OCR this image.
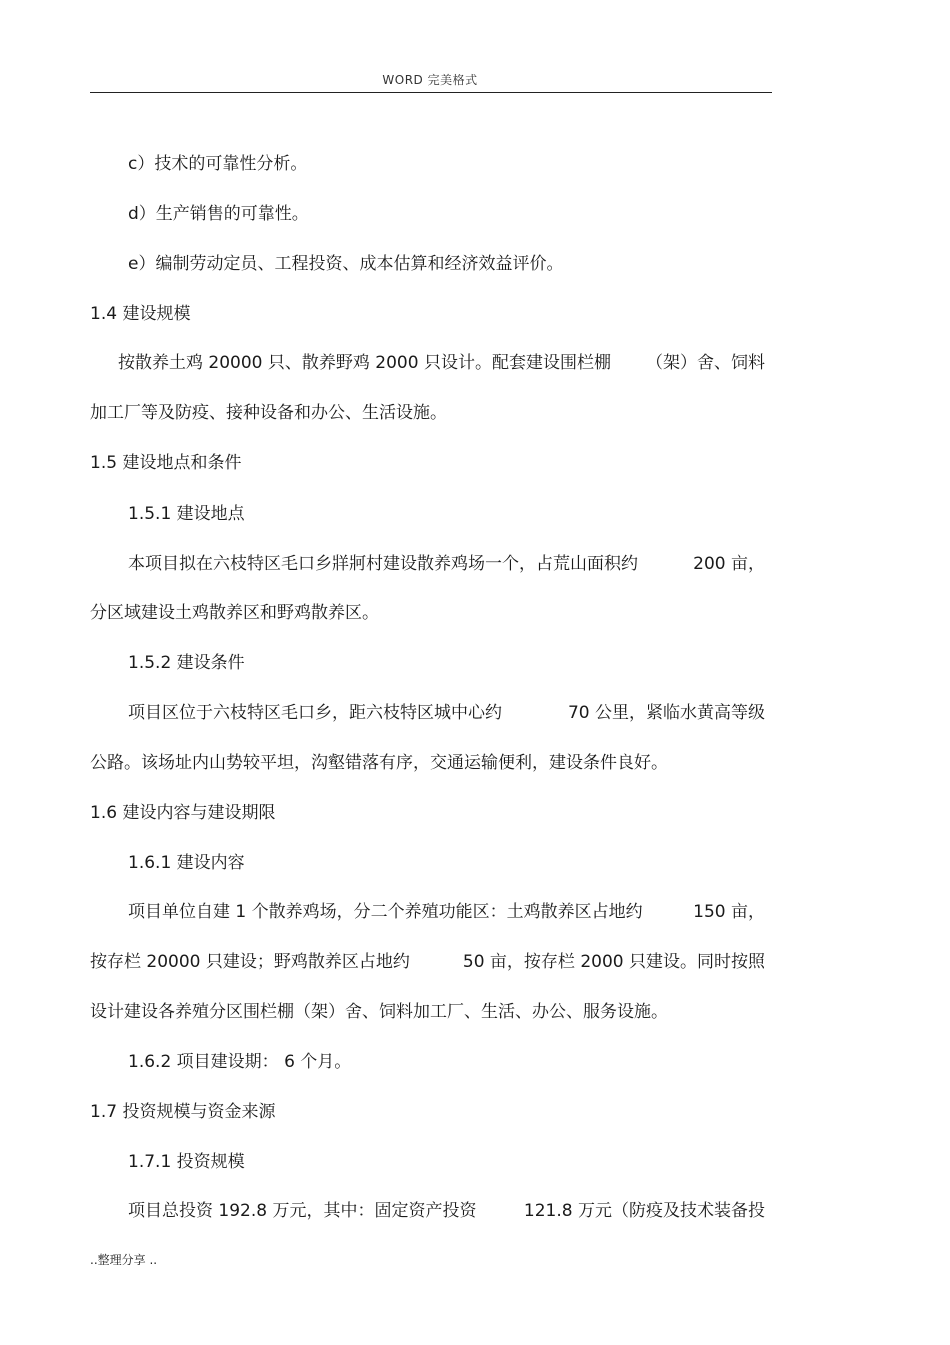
WORD 完美格式
c）技术的可靠性分析。
d）生产销售的可靠性。
e）编制劳动定员、工程投资、成本估算和经济效益评价。
1.4 建设规模
按散养土鸡 20000 只、散养野鸡 2000 只设计。配套建设围栏棚 （架）舍、饲料
加工厂等及防疫、接种设备和办公、生活设施。
1.5 建设地点和条件
1.5.1 建设地点
本项目拟在六枝特区毛口乡牂牁村建设散养鸡场一个，占荒山面积约	200 亩，
分区域建设土鸡散养区和野鸡散养区。
1.5.2 建设条件
项目区位于六枝特区毛口乡，距六枝特区城中心约	70 公里，紧临水黄高等级
公路。该场址内山势较平坦，沟壑错落有序，交通运输便利，建设条件良好。
1.6 建设内容与建设期限
1.6.1 建设内容
项目单位自建 1 个散养鸡场，分二个养殖功能区：土鸡散养区占地约	150 亩，
按存栏 20000 只建设；野鸡散养区占地约	50 亩，按存栏 2000 只建设。同时按照
设计建设各养殖分区围栏棚（架）舍、饲料加工厂、生活、办公、服务设施。
1.6.2 项目建设期： 6 个月。
1.7 投资规模与资金来源
1.7.1 投资规模
项目总投资 192.8 万元，其中：固定资产投资	121.8 万元（防疫及技术装备投
..整理分享 ..
